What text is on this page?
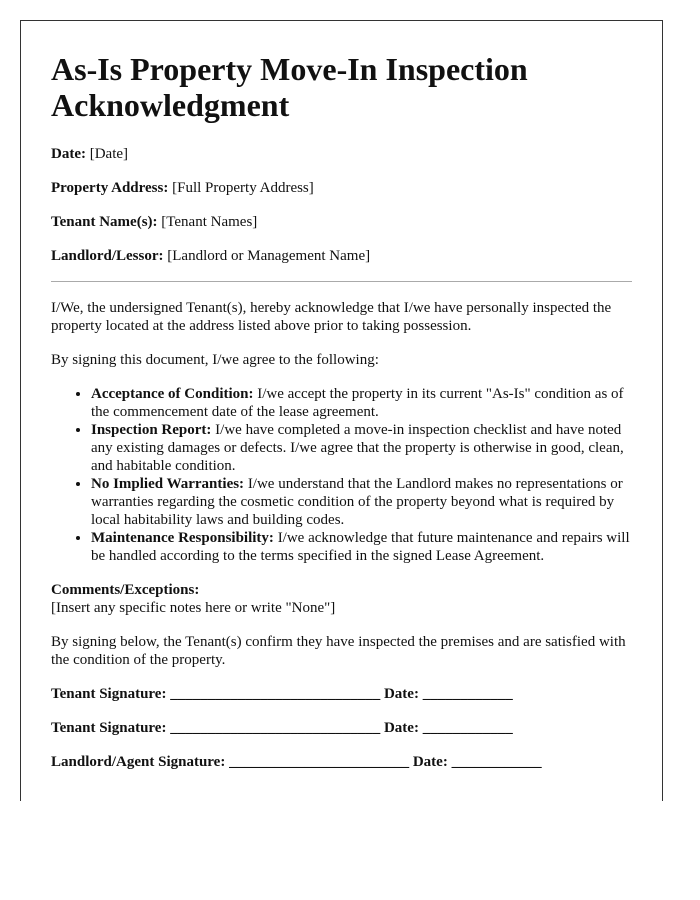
As-Is Property Move-In Inspection Acknowledgment

Date: [Date]

Property Address: [Full Property Address]

Tenant Name(s): [Tenant Names]

Landlord/Lessor: [Landlord or Management Name]

I/We, the undersigned Tenant(s), hereby acknowledge that I/we have personally inspected the property located at the address listed above prior to taking possession.

By signing this document, I/we agree to the following:

• Acceptance of Condition: I/we accept the property in its current "As-Is" condition as of the commencement date of the lease agreement.
• Inspection Report: I/we have completed a move-in inspection checklist and have noted any existing damages or defects. I/we agree that the property is otherwise in good, clean, and habitable condition.
• No Implied Warranties: I/we understand that the Landlord makes no representations or warranties regarding the cosmetic condition of the property beyond what is required by local habitability laws and building codes.
• Maintenance Responsibility: I/we acknowledge that future maintenance and repairs will be handled according to the terms specified in the signed Lease Agreement.

Comments/Exceptions:
[Insert any specific notes here or write "None"]

By signing below, the Tenant(s) confirm they have inspected the premises and are satisfied with the condition of the property.

Tenant Signature: ____________________________ Date: ____________

Tenant Signature: ____________________________ Date: ____________

Landlord/Agent Signature: ________________________ Date: ____________
